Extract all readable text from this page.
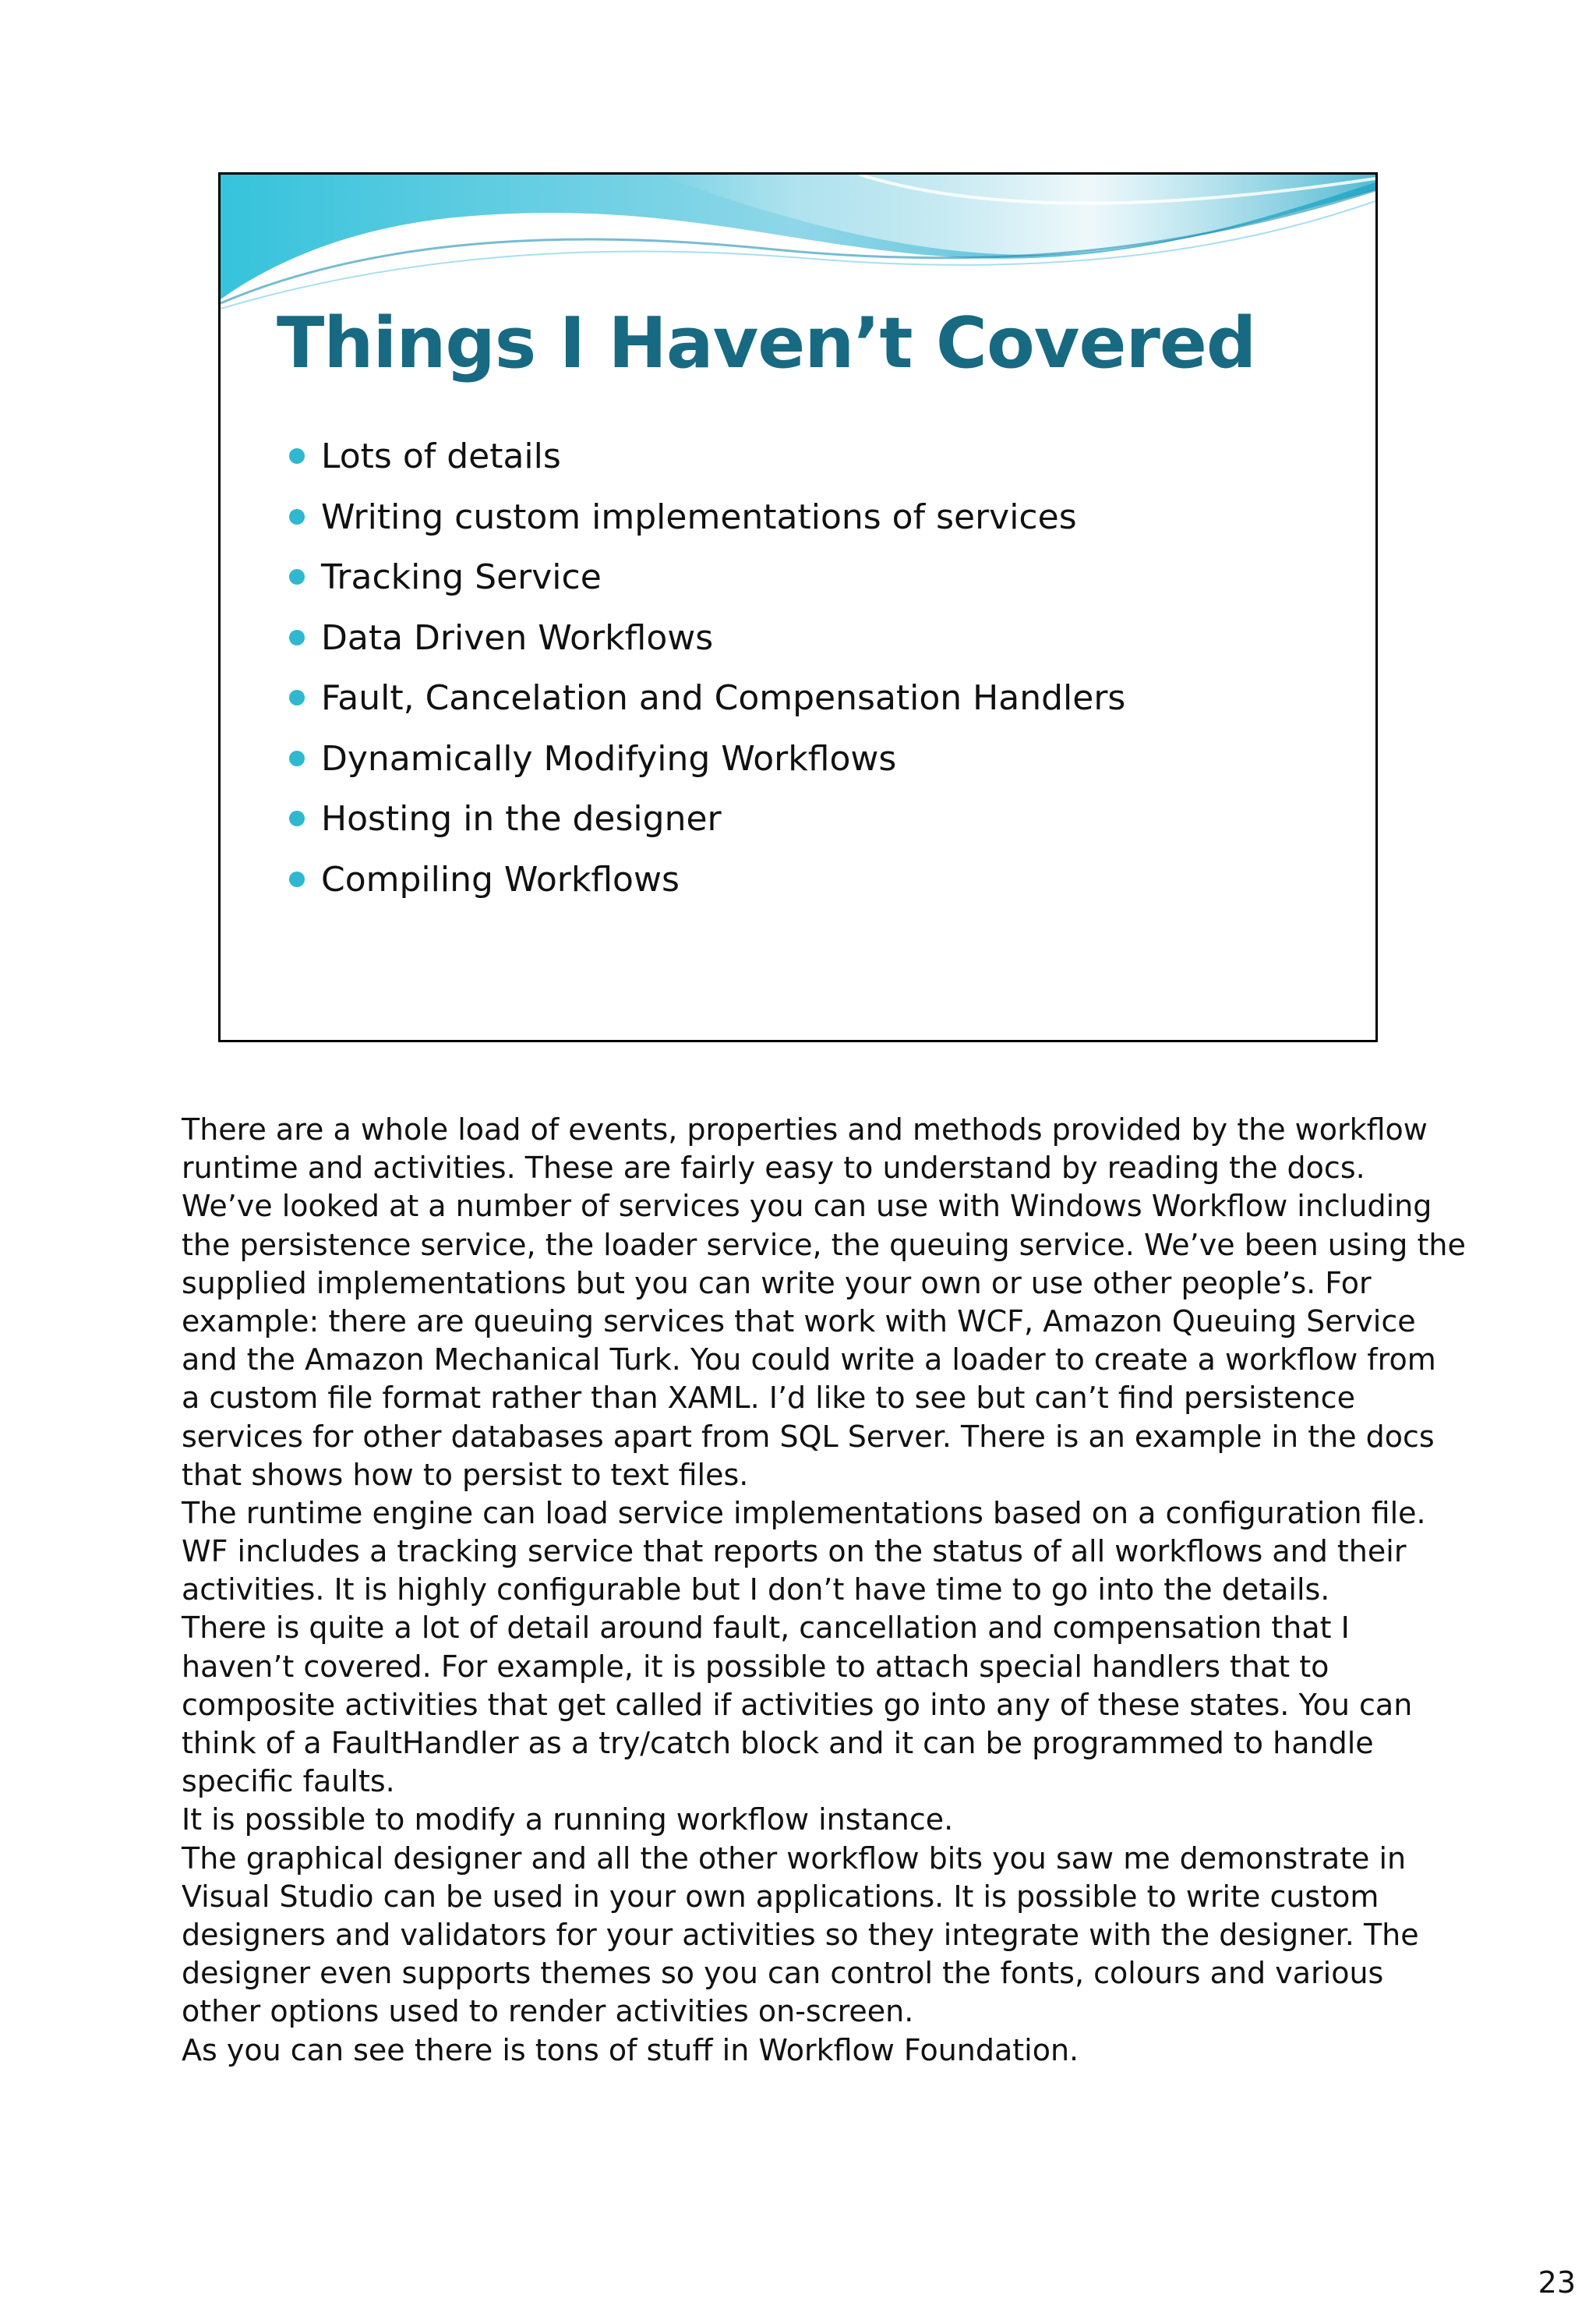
Things I Haven’t Covered
Lots of details
Writing custom implementations of services
Tracking Service
Data Driven Workflows
Fault, Cancelation and Compensation Handlers
Dynamically Modifying Workflows
Hosting in the designer
Compiling Workflows
There are a whole load of events, properties and methods provided by the workflow
runtime and activities. These are fairly easy to understand by reading the docs.
We’ve looked at a number of services you can use with Windows Workflow including
the persistence service, the loader service, the queuing service. We’ve been using the
supplied implementations but you can write your own or use other people’s. For
example: there are queuing services that work with WCF, Amazon Queuing Service
and the Amazon Mechanical Turk. You could write a loader to create a workflow from
a custom file format rather than XAML. I’d like to see but can’t find persistence
services for other databases apart from SQL Server. There is an example in the docs
that shows how to persist to text files.
The runtime engine can load service implementations based on a configuration file.
WF includes a tracking service that reports on the status of all workflows and their
activities. It is highly configurable but I don’t have time to go into the details.
There is quite a lot of detail around fault, cancellation and compensation that I
haven’t covered. For example, it is possible to attach special handlers that to
composite activities that get called if activities go into any of these states. You can
think of a FaultHandler as a try/catch block and it can be programmed to handle
specific faults.
It is possible to modify a running workflow instance.
The graphical designer and all the other workflow bits you saw me demonstrate in
Visual Studio can be used in your own applications. It is possible to write custom
designers and validators for your activities so they integrate with the designer. The
designer even supports themes so you can control the fonts, colours and various
other options used to render activities on-screen.
As you can see there is tons of stuff in Workflow Foundation.
23
